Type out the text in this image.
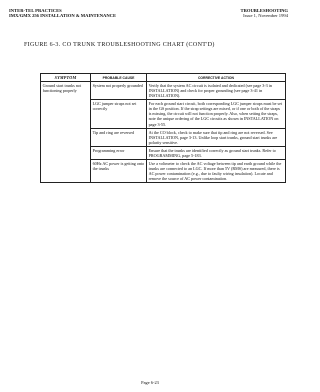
INTER-TEL PRACTICES
IMX/GMX 256 INSTALLATION & MAINTENANCE
TROUBLESHOOTING
Issue 1, November 1994
FIGURE 6-3. CO TRUNK TROUBLESHOOTING CHART (CONT'D)
SYMPTOM	PROBABLE CAUSE	CORRECTIVE ACTION
Ground start trunks not functioning properly	System not properly grounded	Verify that the system AC circuit is isolated and dedicated (see page 3-3 in INSTALLATION) and check for proper grounding (see page 3-41 in INSTALLATION).
	LGC jumper straps not set correctly	For each ground start circuit, both corresponding LGC jumper straps must be set in the GS position. If the strap settings are mixed, or if one or both of the straps is missing, the circuit will not function properly. Also, when setting the straps, note the unique ordering of the LGC circuits as shown in INSTALLATION on page 3-55.
	Tip and ring are reversed	At the CO block, check to make sure that tip and ring are not reversed. See INSTALLATION, page 3-13. Unlike loop start trunks, ground start trunks are polarity sensitive.
	Programming error	Ensure that the trunks are identified correctly as ground start trunks. Refer to PROGRAMMING, page 5-183.
	60Hz AC power is getting onto the trunks	Use a voltmeter to check the AC voltage between tip and earth ground while the trunks are connected to an LGC. If more than 5V (RMS) are measured, there is AC power contamination (e.g., due to faulty wiring insulation). Locate and remove the source of AC power contamination.
Page 6-23
